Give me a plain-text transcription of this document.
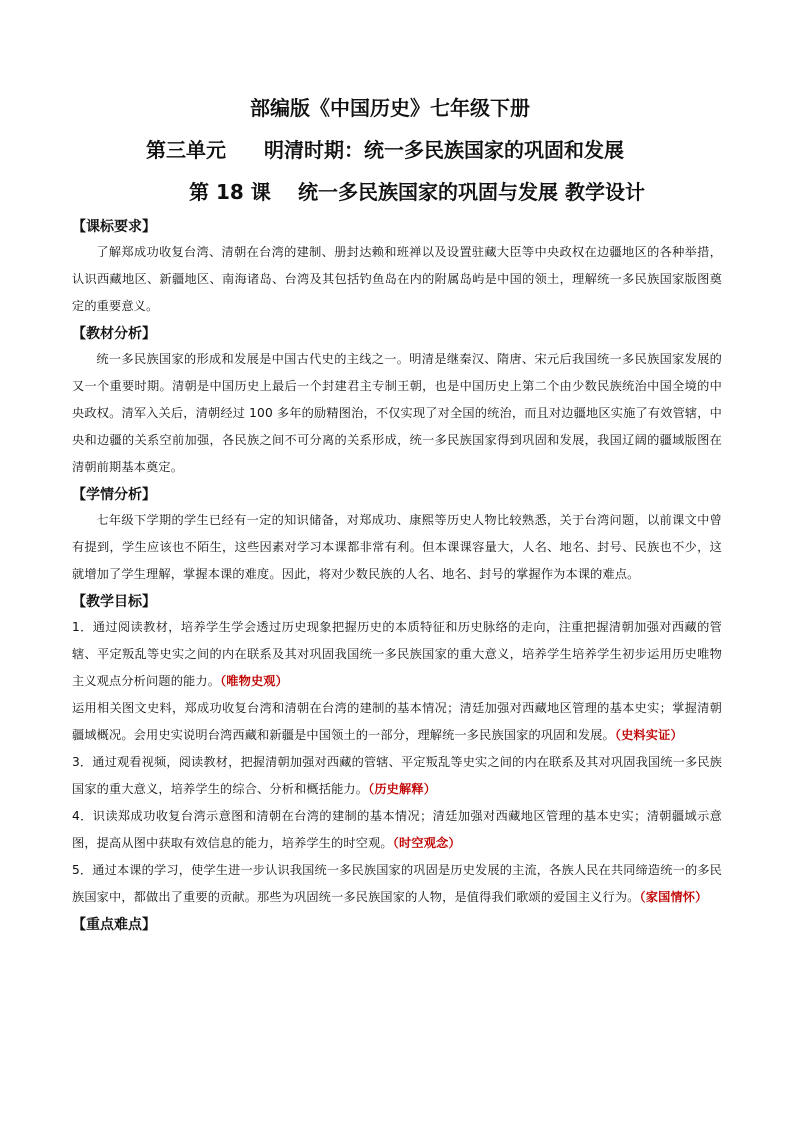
部编版《中国历史》七年级下册
第三单元 明清时期：统一多民族国家的巩固和发展
第 18 课 统一多民族国家的巩固与发展 教学设计

【课标要求】

了解郑成功收复台湾、清朝在台湾的建制、册封达赖和班禅以及设置驻藏大臣等中央政权在边疆地区的各种举措，认识西藏地区、新疆地区、南海诸岛、台湾及其包括钓鱼岛在内的附属岛屿是中国的领土，理解统一多民族国家版图奠定的重要意义。

【教材分析】

统一多民族国家的形成和发展是中国古代史的主线之一。明清是继秦汉、隋唐、宋元后我国统一多民族国家发展的又一个重要时期。清朝是中国历史上最后一个封建君主专制王朝，也是中国历史上第二个由少数民族统治中国全境的中央政权。清军入关后，清朝经过 100 多年的励精图治，不仅实现了对全国的统治，而且对边疆地区实施了有效管辖，中央和边疆的关系空前加强，各民族之间不可分离的关系形成，统一多民族国家得到巩固和发展，我国辽阔的疆域版图在清朝前期基本奠定。

【学情分析】

七年级下学期的学生已经有一定的知识储备，对郑成功、康熙等历史人物比较熟悉，关于台湾问题，以前课文中曾有提到，学生应该也不陌生，这些因素对学习本课都非常有利。但本课课容量大，人名、地名、封号、民族也不少，这就增加了学生理解，掌握本课的难度。因此，将对少数民族的人名、地名、封号的掌握作为本课的难点。

【教学目标】

1．通过阅读教材，培养学生学会透过历史现象把握历史的本质特征和历史脉络的走向，注重把握清朝加强对西藏的管辖、平定叛乱等史实之间的内在联系及其对巩固我国统一多民族国家的重大意义，培养学生培养学生初步运用历史唯物主义观点分析问题的能力。（唯物史观）

运用相关图文史料，郑成功收复台湾和清朝在台湾的建制的基本情况；清廷加强对西藏地区管理的基本史实；掌握清朝疆域概况。会用史实说明台湾西藏和新疆是中国领土的一部分，理解统一多民族国家的巩固和发展。（史料实证）

3．通过观看视频，阅读教材，把握清朝加强对西藏的管辖、平定叛乱等史实之间的内在联系及其对巩固我国统一多民族国家的重大意义，培养学生的综合、分析和概括能力。（历史解释）

4．识读郑成功收复台湾示意图和清朝在台湾的建制的基本情况；清廷加强对西藏地区管理的基本史实；清朝疆域示意图，提高从图中获取有效信息的能力，培养学生的时空观。（时空观念）

5．通过本课的学习，使学生进一步认识我国统一多民族国家的巩固是历史发展的主流，各族人民在共同缔造统一的多民族国家中，都做出了重要的贡献。那些为巩固统一多民族国家的人物，是值得我们歌颂的爱国主义行为。（家国情怀）

【重点难点】
